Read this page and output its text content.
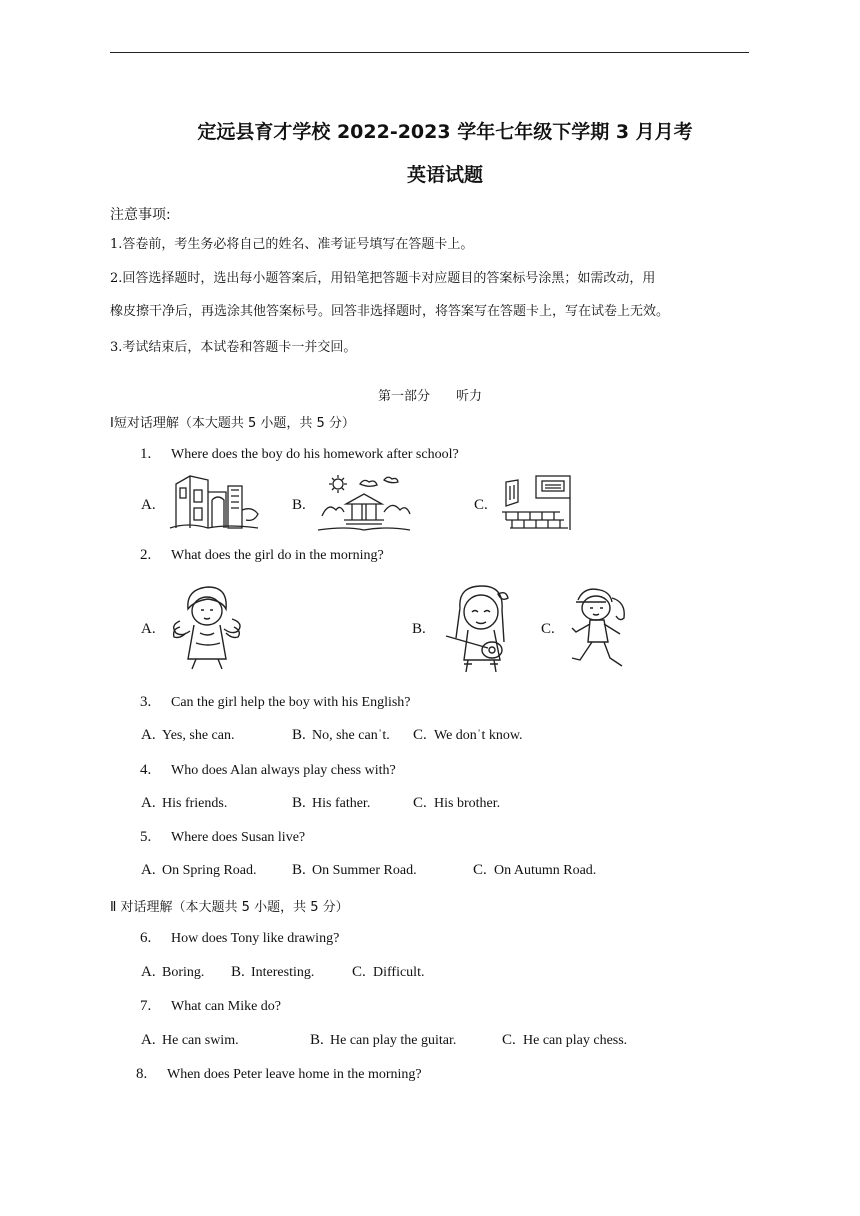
定远县育才学校 2022-2023 学年七年级下学期 3 月月考
英语试题
注意事项:
1.答卷前，考生务必将自己的姓名、准考证号填写在答题卡上。
2.回答选择题时，选出每小题答案后，用铅笔把答题卡对应题目的答案标号涂黑；如需改动，用
橡皮擦干净后，再选涂其他答案标号。回答非选择题时，将答案写在答题卡上，写在试卷上无效。
3.考试结束后，本试卷和答题卡一并交回。
第一部分　　听力
Ⅰ短对话理解（本大题共 5 小题，共 5 分）
1. Where does the boy do his homework after school?
A.	B.	C.
2. What does the girl do in the morning?
A.	B.	C.
3. Can the girl help the boy with his English?
A. Yes, she can.	B. No, she canˈt. C. We donˈt know.
4. Who does Alan always play chess with?
A. His friends.	B. His father.	C. His brother.
5. Where does Susan live?
A. On Spring Road. B. On Summer Road.	C. On Autumn Road.
Ⅱ 对话理解（本大题共 5 小题，共 5 分）
6. How does Tony like drawing?
A. Boring. B. Interesting.	C. Difficult.
7. What can Mike do?
A. He can swim.	B. He can play the guitar.	C. He can play chess.
8. When does Peter leave home in the morning?
